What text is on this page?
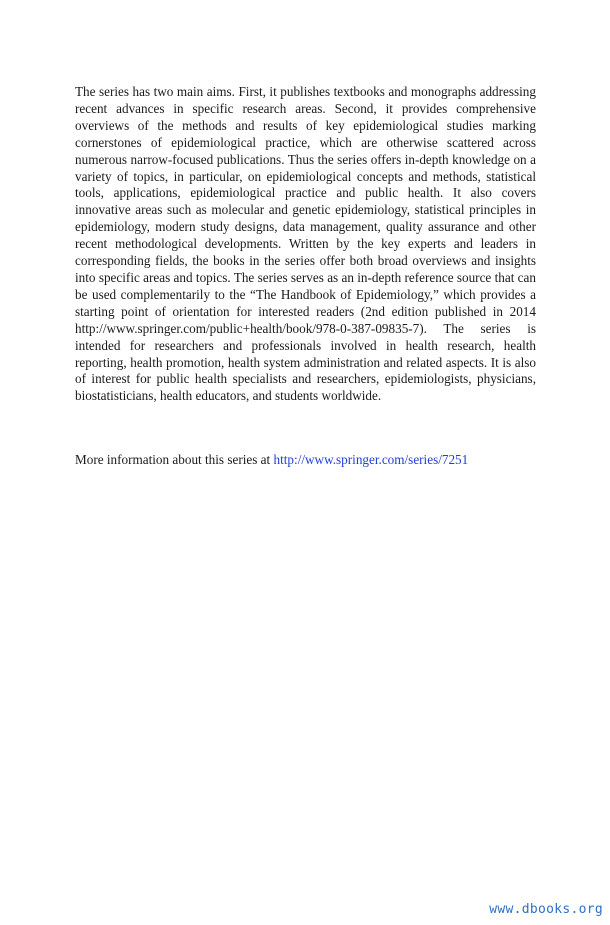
The series has two main aims. First, it publishes textbooks and monographs addressing recent advances in specific research areas. Second, it provides comprehensive overviews of the methods and results of key epidemiological studies marking cornerstones of epidemiological practice, which are otherwise scattered across numerous narrow-focused publications. Thus the series offers in-depth knowledge on a variety of topics, in particular, on epidemiological concepts and methods, statistical tools, applications, epidemiological practice and public health. It also covers innovative areas such as molecular and genetic epidemiology, statistical principles in epidemiology, modern study designs, data management, quality assurance and other recent methodological developments. Written by the key experts and leaders in corresponding fields, the books in the series offer both broad overviews and insights into specific areas and topics. The series serves as an in-depth reference source that can be used complementarily to the “The Handbook of Epidemiology,” which provides a starting point of orientation for interested readers (2nd edition published in 2014 http://www.springer.com/public+health/book/978-0-387-09835-7). The series is intended for researchers and professionals involved in health research, health reporting, health promotion, health system administration and related aspects. It is also of interest for public health specialists and researchers, epidemiologists, physicians, biostatisticians, health educators, and students worldwide.

More information about this series at http://www.springer.com/series/7251
www.dbooks.org
